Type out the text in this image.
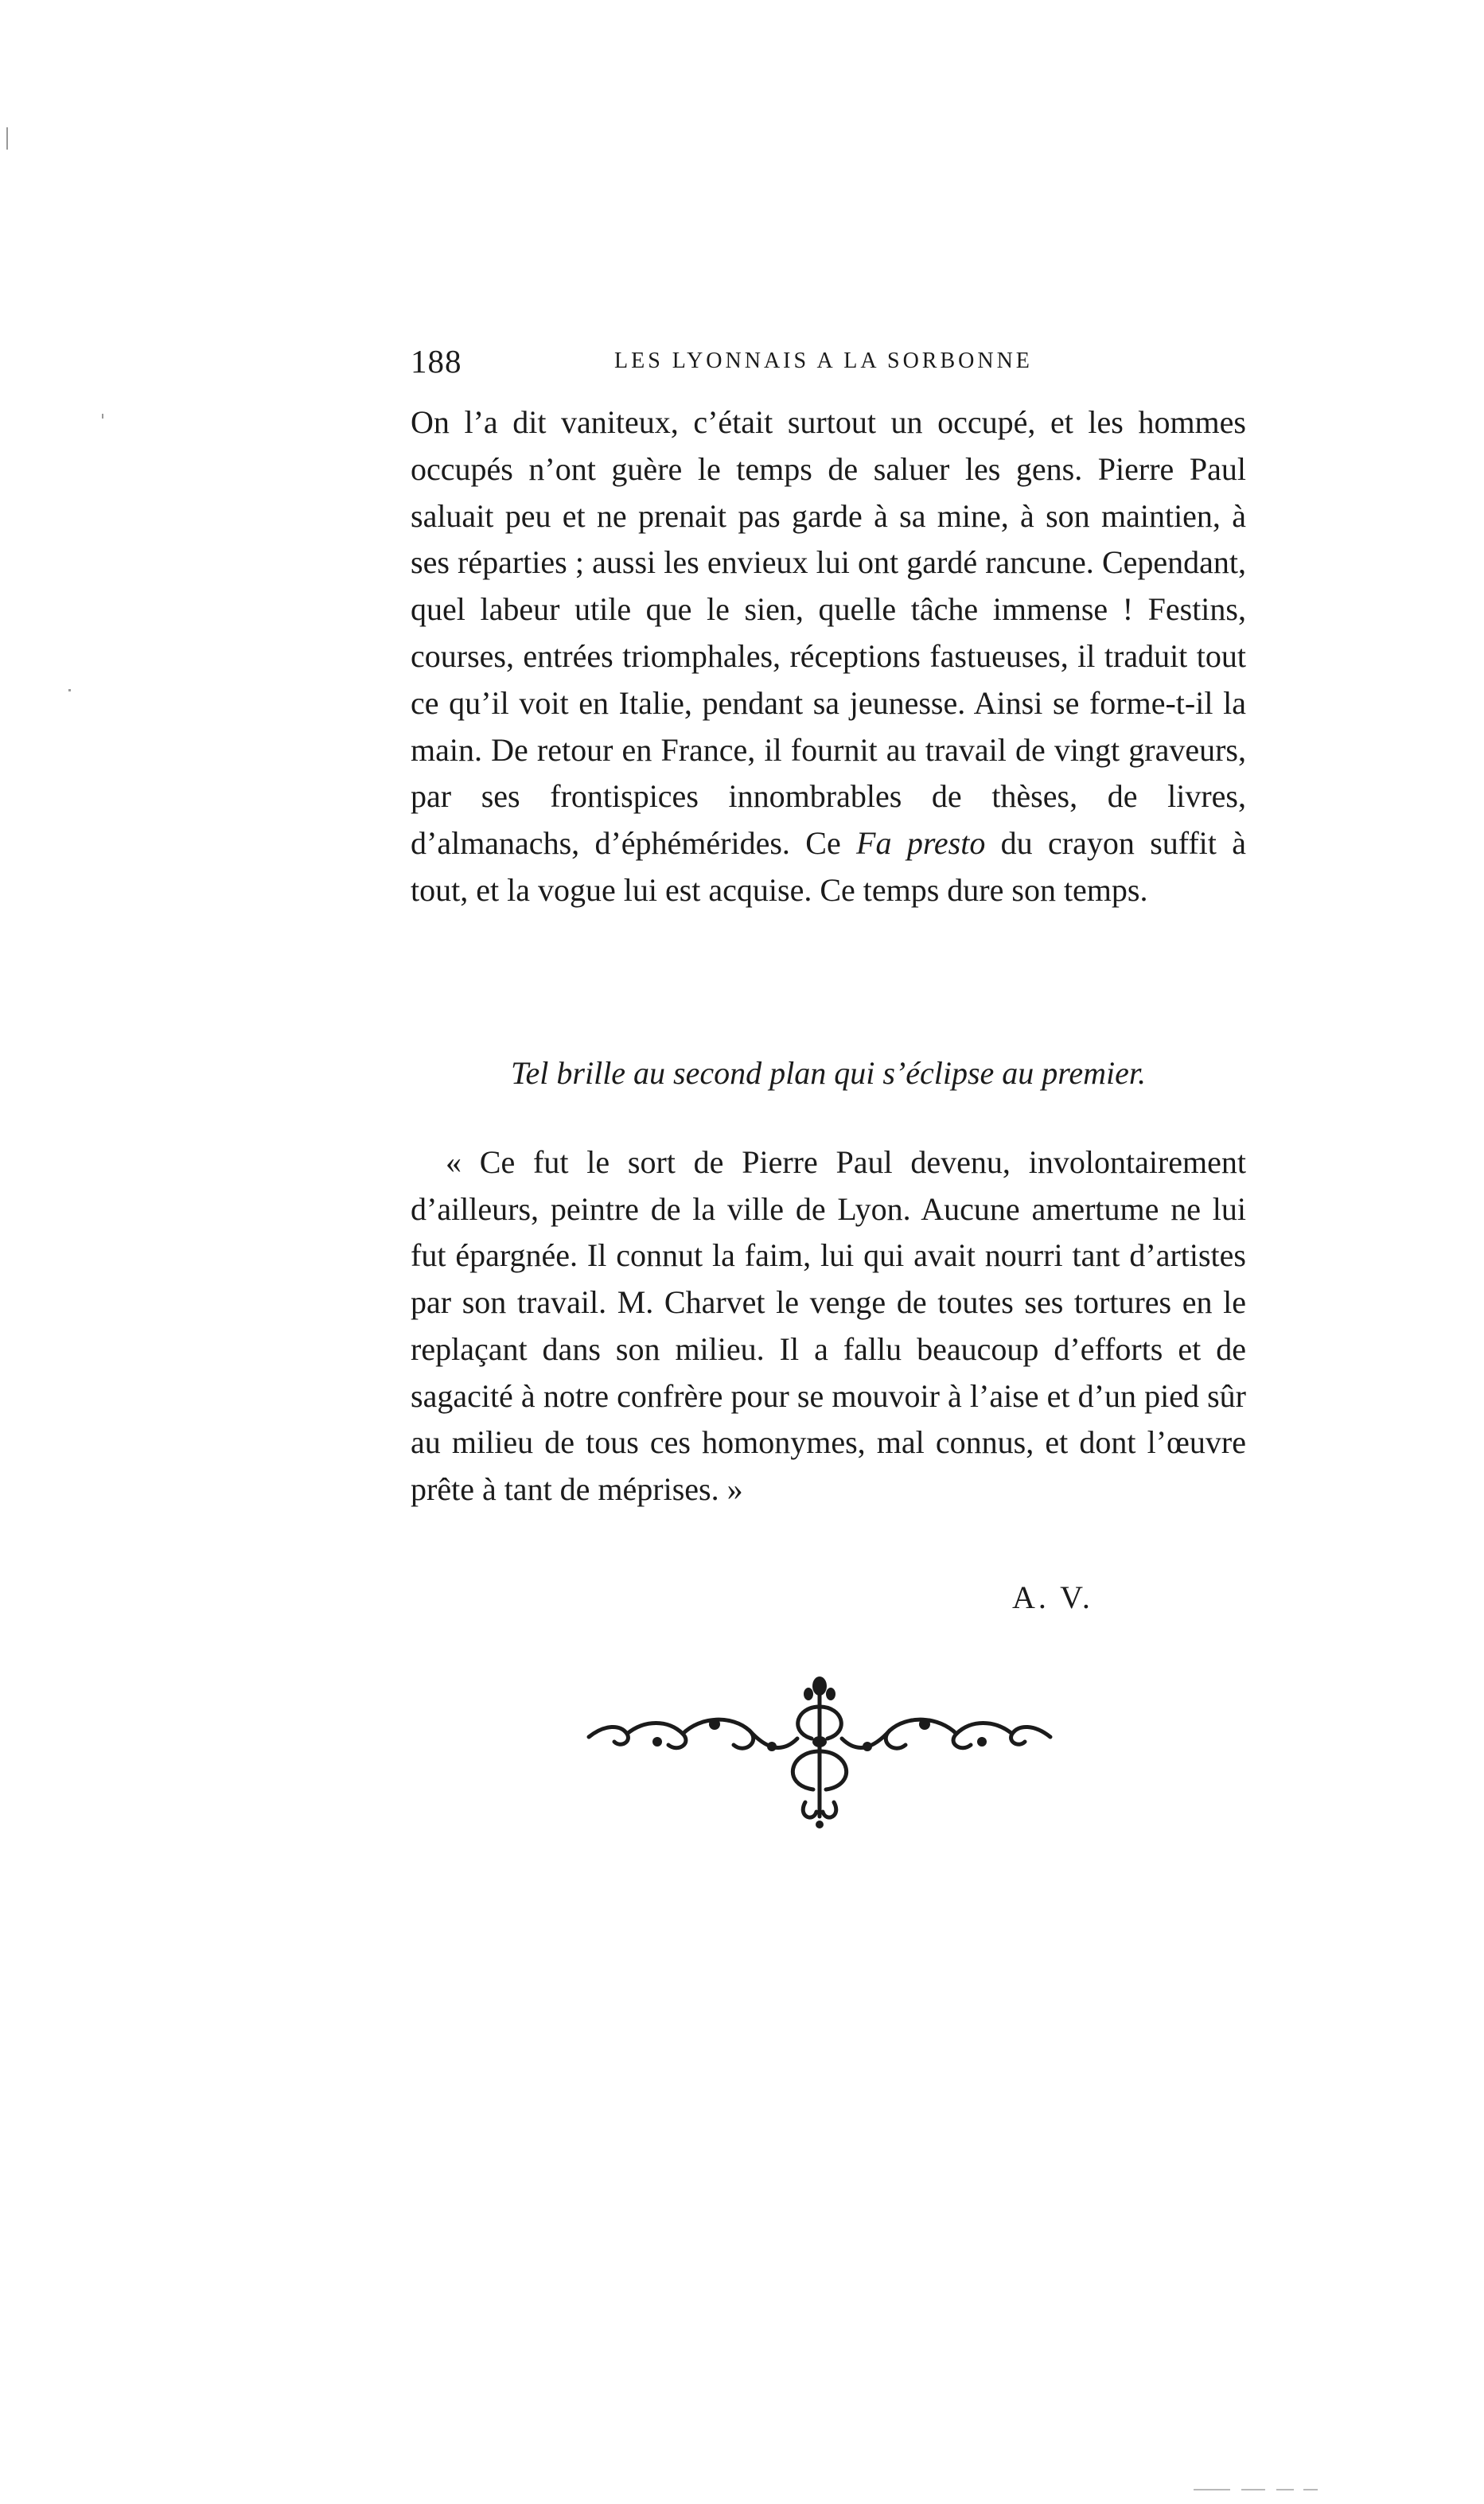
188	LES LYONNAIS A LA SORBONNE

On l’a dit vaniteux, c’était surtout un occupé, et les hommes occupés n’ont guère le temps de saluer les gens. Pierre Paul saluait peu et ne prenait pas garde à sa mine, à son maintien, à ses réparties ; aussi les envieux lui ont gardé rancune. Cependant, quel labeur utile que le sien, quelle tâche immense ! Festins, courses, entrées triomphales, réceptions fastueuses, il traduit tout ce qu’il voit en Italie, pendant sa jeunesse. Ainsi se forme-t-il la main. De retour en France, il fournit au travail de vingt graveurs, par ses frontispices innombrables de thèses, de livres, d’almanachs, d’éphémérides. Ce Fa presto du crayon suffit à tout, et la vogue lui est acquise. Ce temps dure son temps.

Tel brille au second plan qui s’éclipse au premier.
« Ce fut le sort de Pierre Paul devenu, involontairement d’ailleurs, peintre de la ville de Lyon. Aucune amertume ne lui fut épargnée. Il connut la faim, lui qui avait nourri tant d’artistes par son travail. M. Charvet le venge de toutes ses tortures en le replaçant dans son milieu. Il a fallu beaucoup d’efforts et de sagacité à notre confrère pour se mouvoir à l’aise et d’un pied sûr au milieu de tous ces homonymes, mal connus, et dont l’œuvre prête à tant de méprises. »
A. V.
